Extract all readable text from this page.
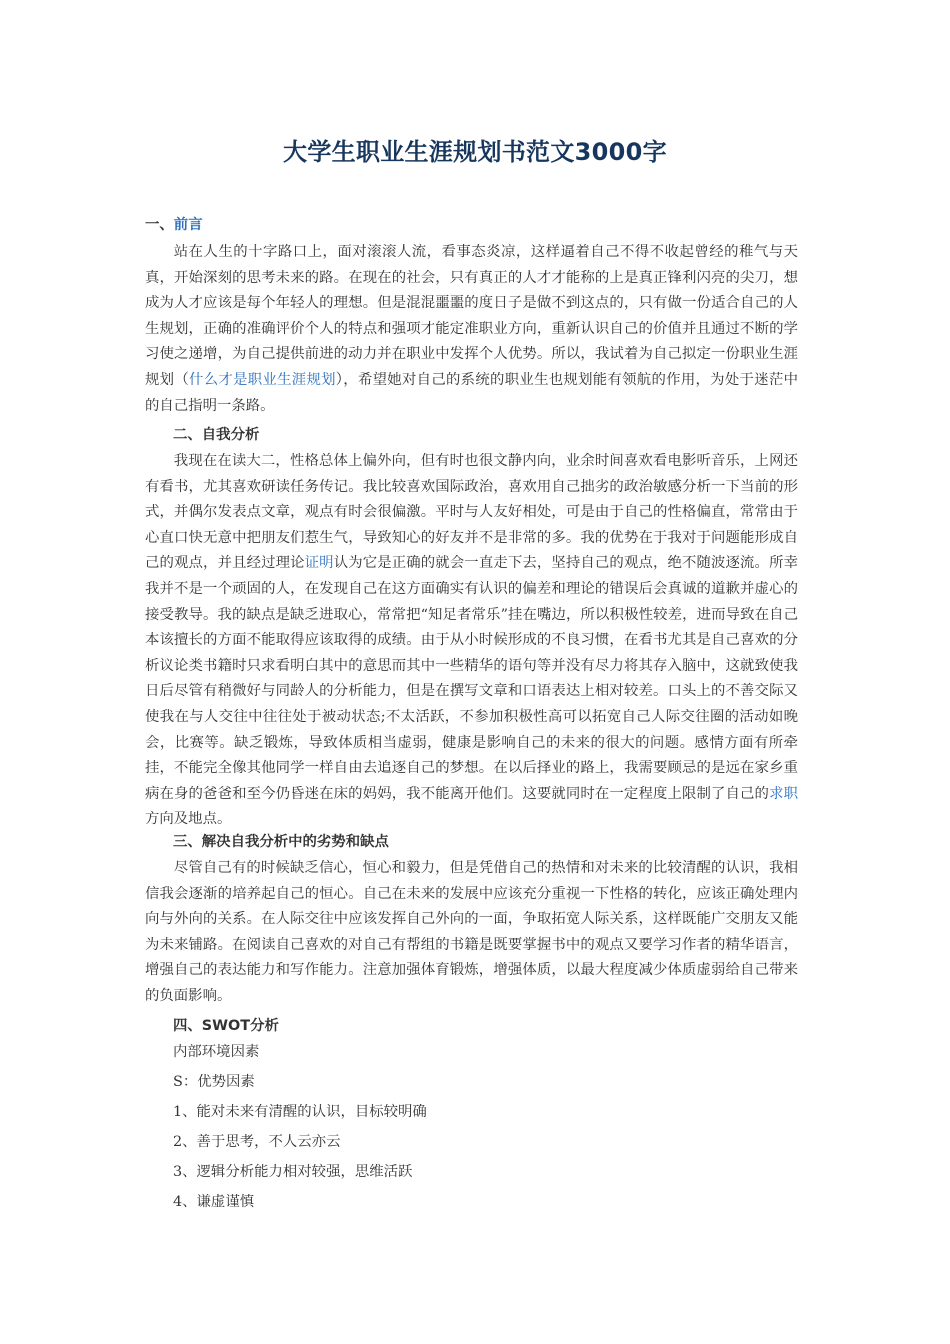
大学生职业生涯规划书范文3000字
一、前言

站在人生的十字路口上，面对滚滚人流，看事态炎凉，这样逼着自己不得不收起曾经的稚气与天真，开始深刻的思考未来的路。在现在的社会，只有真正的人才才能称的上是真正锋利闪亮的尖刀，想成为人才应该是每个年轻人的理想。但是混混噩噩的度日子是做不到这点的，只有做一份适合自己的人生规划，正确的准确评价个人的特点和强项才能定准职业方向，重新认识自己的价值并且通过不断的学习使之递增，为自己提供前进的动力并在职业中发挥个人优势。所以，我试着为自己拟定一份职业生涯规划（什么才是职业生涯规划），希望她对自己的系统的职业生也规划能有领航的作用，为处于迷茫中的自己指明一条路。

二、自我分析

我现在在读大二，性格总体上偏外向，但有时也很文静内向，业余时间喜欢看电影听音乐，上网还有看书，尤其喜欢研读任务传记。我比较喜欢国际政治，喜欢用自己拙劣的政治敏感分析一下当前的形式，并偶尔发表点文章，观点有时会很偏激。平时与人友好相处，可是由于自己的性格偏直，常常由于心直口快无意中把朋友们惹生气，导致知心的好友并不是非常的多。我的优势在于我对于问题能形成自己的观点，并且经过理论证明认为它是正确的就会一直走下去，坚持自己的观点，绝不随波逐流。所幸我并不是一个顽固的人，在发现自己在这方面确实有认识的偏差和理论的错误后会真诚的道歉并虚心的接受教导。我的缺点是缺乏进取心，常常把“知足者常乐”挂在嘴边，所以积极性较差，进而导致在自己本该擅长的方面不能取得应该取得的成绩。由于从小时候形成的不良习惯，在看书尤其是自己喜欢的分析议论类书籍时只求看明白其中的意思而其中一些精华的语句等并没有尽力将其存入脑中，这就致使我日后尽管有稍微好与同龄人的分析能力，但是在撰写文章和口语表达上相对较差。口头上的不善交际又使我在与人交往中往往处于被动状态;不太活跃，不参加积极性高可以拓宽自己人际交往圈的活动如晚会，比赛等。缺乏锻炼，导致体质相当虚弱，健康是影响自己的未来的很大的问题。感情方面有所牵挂，不能完全像其他同学一样自由去追逐自己的梦想。在以后择业的路上，我需要顾忌的是远在家乡重病在身的爸爸和至今仍昏迷在床的妈妈，我不能离开他们。这要就同时在一定程度上限制了自己的求职方向及地点。

三、解决自我分析中的劣势和缺点

尽管自己有的时候缺乏信心，恒心和毅力，但是凭借自己的热情和对未来的比较清醒的认识，我相信我会逐渐的培养起自己的恒心。自己在未来的发展中应该充分重视一下性格的转化，应该正确处理内向与外向的关系。在人际交往中应该发挥自己外向的一面，争取拓宽人际关系，这样既能广交朋友又能为未来铺路。在阅读自己喜欢的对自己有帮组的书籍是既要掌握书中的观点又要学习作者的精华语言，增强自己的表达能力和写作能力。注意加强体育锻炼，增强体质，以最大程度减少体质虚弱给自己带来的负面影响。

四、SWOT分析
内部环境因素
S：优势因素
1、能对未来有清醒的认识，目标较明确
2、善于思考，不人云亦云
3、逻辑分析能力相对较强，思维活跃
4、谦虚谨慎
